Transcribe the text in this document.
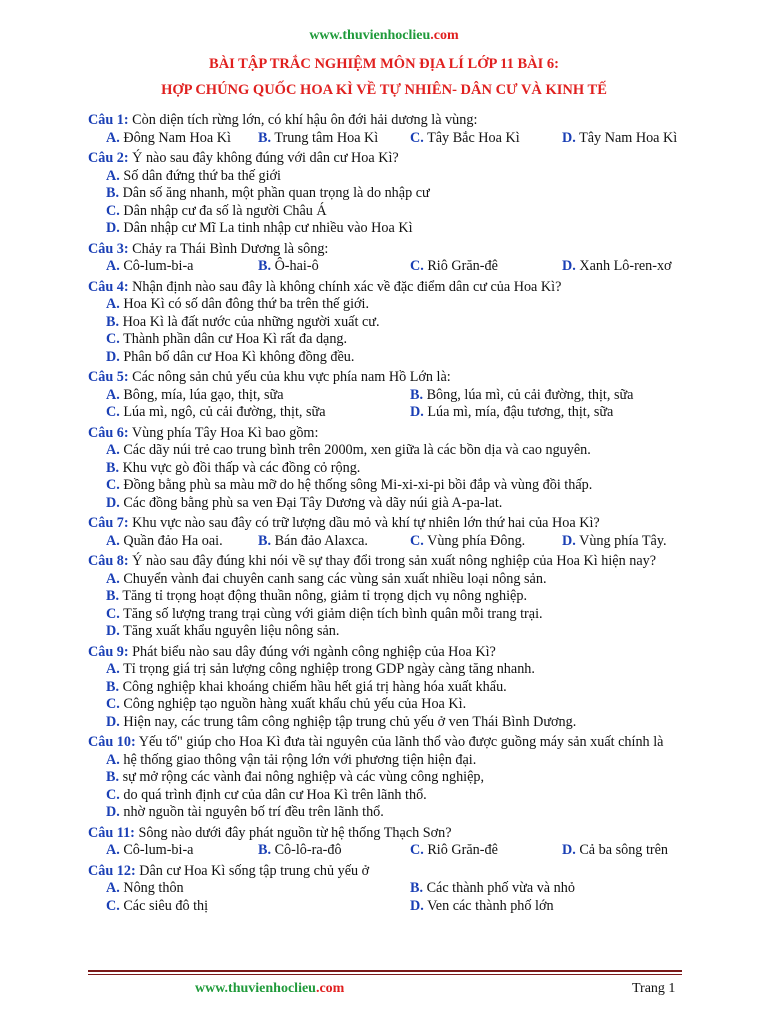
www.thuvienhoclieu.com
BÀI TẬP TRẮC NGHIỆM MÔN ĐỊA LÍ LỚP 11 BÀI 6:
HỢP CHÚNG QUỐC HOA KÌ VỀ TỰ NHIÊN- DÂN CƯ VÀ KINH TẾ
Câu 1: Còn diện tích rừng lớn, có khí hậu ôn đới hải dương là vùng:
A. Đông Nam Hoa Kì	B. Trung tâm Hoa Kì	C. Tây Bắc Hoa Kì	D. Tây Nam Hoa Kì
Câu 2: Ý nào sau đây không đúng với dân cư Hoa Kì?
A. Số dân đứng thứ ba thế giới
B. Dân số ăng nhanh, một phần quan trọng là do nhập cư
C. Dân nhập cư đa số là người Châu Á
D. Dân nhập cư Mĩ La tinh nhập cư nhiều vào Hoa Kì
Câu 3: Chảy ra Thái Bình Dương là sông:
A. Cô-lum-bi-a	B. Ô-hai-ô	C. Riô Grăn-đê	D. Xanh Lô-ren-xơ
Câu 4: Nhận định nào sau đây là không chính xác về đặc điểm dân cư của Hoa Kì?
A. Hoa Kì có số dân đông thứ ba trên thế giới.
B. Hoa Kì là đất nước của những người xuất cư.
C. Thành phần dân cư Hoa Kì rất đa dạng.
D. Phân bố dân cư Hoa Kì không đồng đều.
Câu 5: Các nông sản chủ yếu của khu vực phía nam Hồ Lớn là:
A. Bông, mía, lúa gạo, thịt, sữa	B. Bông, lúa mì, củ cải đường, thịt, sữa
C. Lúa mì, ngô, củ cải đường, thịt, sữa	D. Lúa mì, mía, đậu tương, thịt, sữa
Câu 6: Vùng phía Tây Hoa Kì bao gồm:
A. Các dãy núi trẻ cao trung bình trên 2000m, xen giữa là các bồn dịa và cao nguyên.
B. Khu vực gò đồi thấp và các đồng cỏ rộng.
C. Đồng bằng phù sa màu mỡ do hệ thống sông Mi-xi-xi-pi bồi đắp và vùng đồi thấp.
D. Các đồng bằng phù sa ven Đại Tây Dương và dãy núi già A-pa-lat.
Câu 7: Khu vực nào sau đây có trữ lượng dầu mỏ và khí tự nhiên lớn thứ hai của Hoa Kì?
A. Quần đảo Ha oai.	B. Bán đảo Alaxca.	C. Vùng phía Đông.	D. Vùng phía Tây.
Câu 8: Ý nào sau đây đúng khi nói về sự thay đổi trong sản xuất nông nghiệp của Hoa Kì hiện nay?
A. Chuyển vành đai chuyên canh sang các vùng sản xuất nhiều loại nông sản.
B. Tăng tỉ trọng hoạt động thuần nông, giảm tỉ trọng dịch vụ nông nghiệp.
C. Tăng số lượng trang trại cùng với giảm diện tích bình quân mỗi trang trại.
D. Tăng xuất khẩu nguyên liệu nông sản.
Câu 9: Phát biểu nào sau dây đúng với ngành công nghiệp của Hoa Kì?
A. Tỉ trọng giá trị sản lượng công nghiệp trong GDP ngày càng tăng nhanh.
B. Công nghiệp khai khoáng chiếm hầu hết giá trị hàng hóa xuất khẩu.
C. Công nghiệp tạo nguồn hàng xuất khẩu chủ yếu của Hoa Kì.
D. Hiện nay, các trung tâm công nghiệp tập trung chủ yếu ở ven Thái Bình Dương.
Câu 10: Yếu tố" giúp cho Hoa Kì đưa tài nguyên của lãnh thổ vào được guồng máy sản xuất chính là
A. hệ thống giao thông vận tải rộng lớn với phương tiện hiện đại.
B. sự mở rộng các vành đai nông nghiệp và các vùng công nghiệp,
C. do quá trình định cư của dân cư Hoa Kì trên lãnh thổ.
D. nhờ nguồn tài nguyên bố trí đều trên lãnh thổ.
Câu 11: Sông nào dưới đây phát nguồn từ hệ thống Thạch Sơn?
A. Cô-lum-bi-a	B. Cô-lô-ra-đô	C. Riô Grăn-đê	D. Cả ba sông trên
Câu 12: Dân cư Hoa Kì sống tập trung chủ yếu ở
A. Nông thôn	B. Các thành phố vừa và nhỏ
C. Các siêu đô thị	D. Ven các thành phố lớn
www.thuvienhoclieu.com	Trang 1
